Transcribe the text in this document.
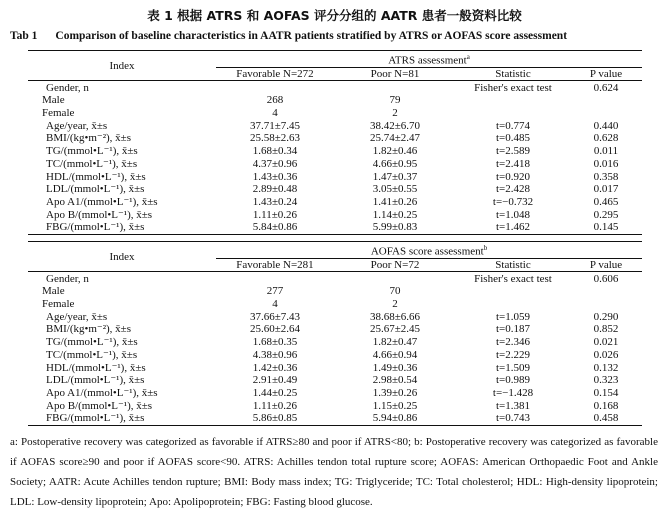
表 1 根据 ATRS 和 AOFAS 评分分组的 AATR 患者一般资料比较
Tab 1 Comparison of baseline characteristics in AATR patients stratified by ATRS or AOFAS score assessment
Index	ATRS assessment$^a$
	Favorable N=272	Poor N=81	Statistic	P value
Gender, n			Fisher's exact test	0.624
Male	268	79		
Female	4	2		
Age/year, x̄±s	37.71±7.45	38.42±6.70	t=0.774	0.440
BMI/(kg•m⁻²), x̄±s	25.58±2.63	25.74±2.47	t=0.485	0.628
TG/(mmol•L⁻¹), x̄±s	1.68±0.34	1.82±0.46	t=2.589	0.011
TC/(mmol•L⁻¹), x̄±s	4.37±0.96	4.66±0.95	t=2.418	0.016
HDL/(mmol•L⁻¹), x̄±s	1.43±0.36	1.47±0.37	t=0.920	0.358
LDL/(mmol•L⁻¹), x̄±s	2.89±0.48	3.05±0.55	t=2.428	0.017
Apo A1/(mmol•L⁻¹), x̄±s	1.43±0.24	1.41±0.26	t=−0.732	0.465
Apo B/(mmol•L⁻¹), x̄±s	1.11±0.26	1.14±0.25	t=1.048	0.295
FBG/(mmol•L⁻¹), x̄±s	5.84±0.86	5.99±0.83	t=1.462	0.145
Index	AOFAS score assessment$^b$
	Favorable N=281	Poor N=72	Statistic	P value
Gender, n			Fisher's exact test	0.606
Male	277	70		
Female	4	2		
Age/year, x̄±s	37.66±7.43	38.68±6.66	t=1.059	0.290
BMI/(kg•m⁻²), x̄±s	25.60±2.64	25.67±2.45	t=0.187	0.852
TG/(mmol•L⁻¹), x̄±s	1.68±0.35	1.82±0.47	t=2.346	0.021
TC/(mmol•L⁻¹), x̄±s	4.38±0.96	4.66±0.94	t=2.229	0.026
HDL/(mmol•L⁻¹), x̄±s	1.42±0.36	1.49±0.36	t=1.509	0.132
LDL/(mmol•L⁻¹), x̄±s	2.91±0.49	2.98±0.54	t=0.989	0.323
Apo A1/(mmol•L⁻¹), x̄±s	1.44±0.25	1.39±0.26	t=−1.428	0.154
Apo B/(mmol•L⁻¹), x̄±s	1.11±0.26	1.15±0.25	t=1.381	0.168
FBG/(mmol•L⁻¹), x̄±s	5.86±0.85	5.94±0.86	t=0.743	0.458
a: Postoperative recovery was categorized as favorable if ATRS≥80 and poor if ATRS<80; b: Postoperative recovery was categorized as favorable if AOFAS score≥90 and poor if AOFAS score<90. ATRS: Achilles tendon total rupture score; AOFAS: American Orthopaedic Foot and Ankle Society; AATR: Acute Achilles tendon rupture; BMI: Body mass index; TG: Triglyceride; TC: Total cholesterol; HDL: High-density lipoprotein; LDL: Low-density lipoprotein; Apo: Apolipoprotein; FBG: Fasting blood glucose.
